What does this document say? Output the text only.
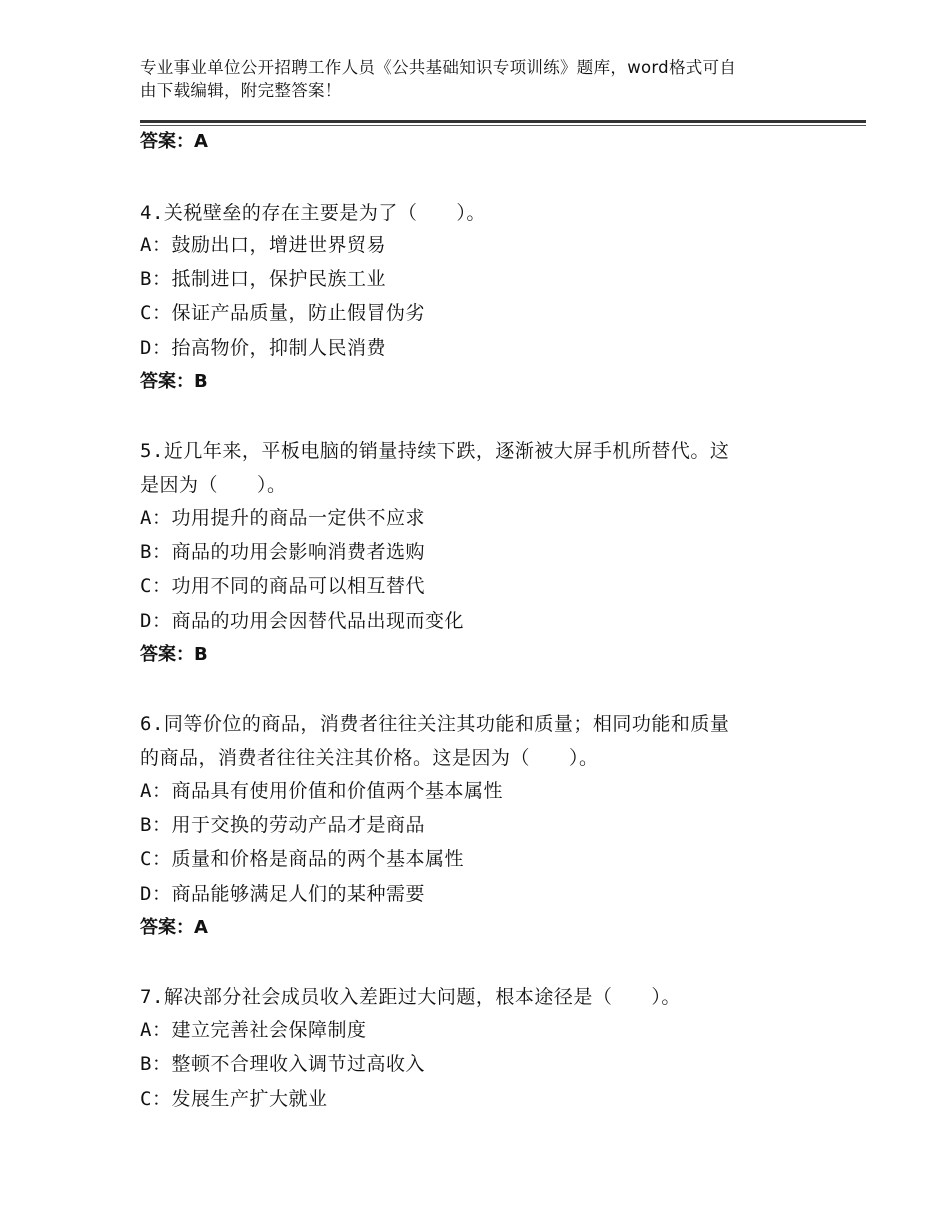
专业事业单位公开招聘工作人员《公共基础知识专项训练》题库，word格式可自
由下载编辑，附完整答案！
答案：A
4.关税壁垒的存在主要是为了（　　）。
A：鼓励出口，增进世界贸易
B：抵制进口，保护民族工业
C：保证产品质量，防止假冒伪劣
D：抬高物价，抑制人民消费
答案：B
5.近几年来，平板电脑的销量持续下跌，逐渐被大屏手机所替代。这
是因为（　　）。
A：功用提升的商品一定供不应求
B：商品的功用会影响消费者选购
C：功用不同的商品可以相互替代
D：商品的功用会因替代品出现而变化
答案：B
6.同等价位的商品，消费者往往关注其功能和质量；相同功能和质量
的商品，消费者往往关注其价格。这是因为（　　）。
A：商品具有使用价值和价值两个基本属性
B：用于交换的劳动产品才是商品
C：质量和价格是商品的两个基本属性
D：商品能够满足人们的某种需要
答案：A
7.解决部分社会成员收入差距过大问题，根本途径是（　　）。
A：建立完善社会保障制度
B：整顿不合理收入调节过高收入
C：发展生产扩大就业
